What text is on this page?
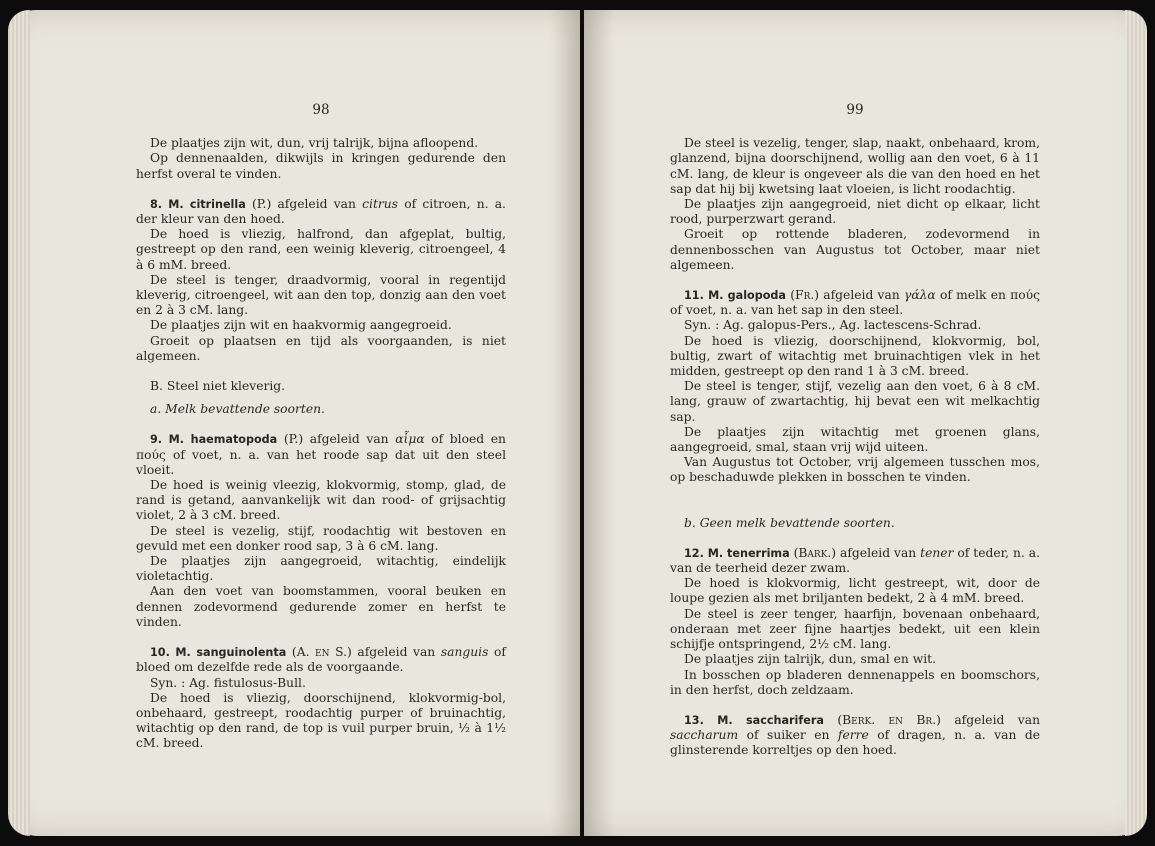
98

De plaatjes zijn wit, dun, vrij talrijk, bijna afloopend.

Op dennenaalden, dikwijls in kringen gedurende den herfst overal te vinden.

8. M. citrinella (P.) afgeleid van citrus of citroen, n. a. der kleur van den hoed.

De hoed is vliezig, halfrond, dan afgeplat, bultig, gestreept op den rand, een weinig kleverig, citroengeel, 4 à 6 mM. breed.

De steel is tenger, draadvormig, vooral in regentijd kleverig, citroengeel, wit aan den top, donzig aan den voet en 2 à 3 cM. lang.

De plaatjes zijn wit en haakvormig aangegroeid.

Groeit op plaatsen en tijd als voorgaanden, is niet algemeen.

B. Steel niet kleverig.

a. Melk bevattende soorten.

9. M. haematopoda (P.) afgeleid van αἷμα of bloed en πούς of voet, n. a. van het roode sap dat uit den steel vloeit.

De hoed is weinig vleezig, klokvormig, stomp, glad, de rand is getand, aanvankelijk wit dan rood- of grijsachtig violet, 2 à 3 cM. breed.

De steel is vezelig, stijf, roodachtig wit bestoven en gevuld met een donker rood sap, 3 à 6 cM. lang.

De plaatjes zijn aangegroeid, witachtig, eindelijk violetachtig.

Aan den voet van boomstammen, vooral beuken en dennen zodevormend gedurende zomer en herfst te vinden.

10. M. sanguinolenta (A. en S.) afgeleid van sanguis of bloed om dezelfde rede als de voorgaande.

Syn. : Ag. fistulosus-Bull.

De hoed is vliezig, doorschijnend, klokvormig-bol, onbehaard, gestreept, roodachtig purper of bruinachtig, witachtig op den rand, de top is vuil purper bruin, ½ à 1½ cM. breed.

99

De steel is vezelig, tenger, slap, naakt, onbehaard, krom, glanzend, bijna doorschijnend, wollig aan den voet, 6 à 11 cM. lang, de kleur is ongeveer als die van den hoed en het sap dat hij bij kwetsing laat vloeien, is licht roodachtig.

De plaatjes zijn aangegroeid, niet dicht op elkaar, licht rood, purperzwart gerand.

Groeit op rottende bladeren, zodevormend in dennenbosschen van Augustus tot October, maar niet algemeen.

11. M. galopoda (Fr.) afgeleid van γάλα of melk en πούς of voet, n. a. van het sap in den steel.

Syn. : Ag. galopus-Pers., Ag. lactescens-Schrad.

De hoed is vliezig, doorschijnend, klokvormig, bol, bultig, zwart of witachtig met bruinachtigen vlek in het midden, gestreept op den rand 1 à 3 cM. breed.

De steel is tenger, stijf, vezelig aan den voet, 6 à 8 cM. lang, grauw of zwartachtig, hij bevat een wit melkachtig sap.

De plaatjes zijn witachtig met groenen glans, aangegroeid, smal, staan vrij wijd uiteen.

Van Augustus tot October, vrij algemeen tusschen mos, op beschaduwde plekken in bosschen te vinden.

b. Geen melk bevattende soorten.

12. M. tenerrima (Bark.) afgeleid van tener of teder, n. a. van de teerheid dezer zwam.

De hoed is klokvormig, licht gestreept, wit, door de loupe gezien als met briljanten bedekt, 2 à 4 mM. breed.

De steel is zeer tenger, haarfijn, bovenaan onbehaard, onderaan met zeer fijne haartjes bedekt, uit een klein schijfje ontspringend, 2½ cM. lang.

De plaatjes zijn talrijk, dun, smal en wit.

In bosschen op bladeren dennenappels en boomschors, in den herfst, doch zeldzaam.

13. M. saccharifera (Berk. en Br.) afgeleid van saccharum of suiker en ferre of dragen, n. a. van de glinsterende korreltjes op den hoed.
